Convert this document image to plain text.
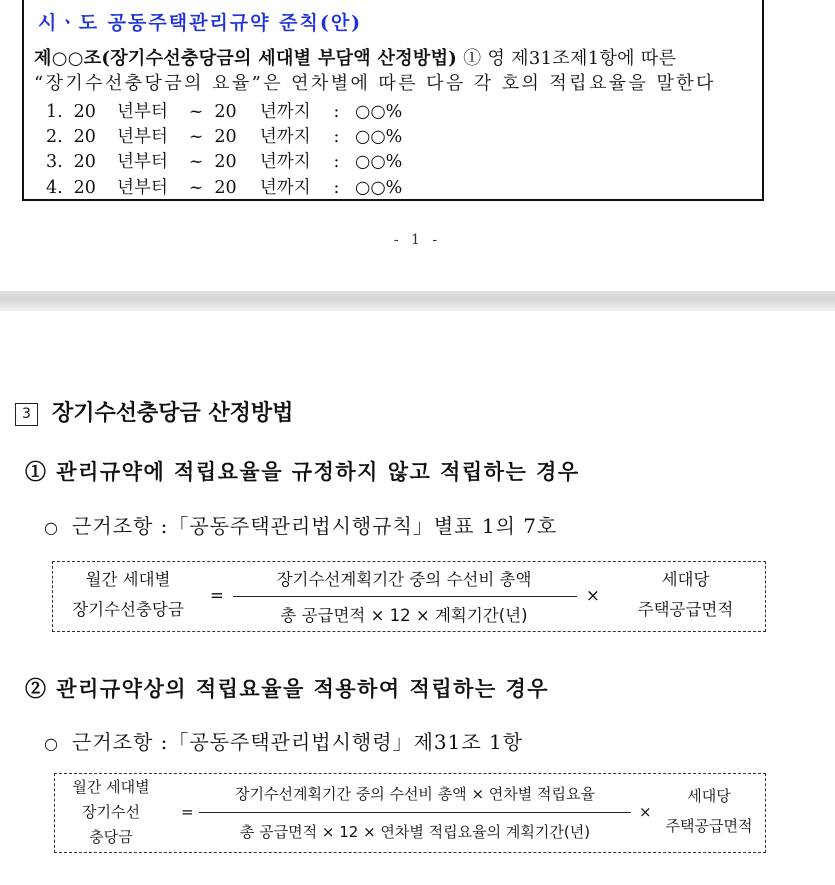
시ㆍ도 공동주택관리규약 준칙(안)
제○○조(장기수선충당금의 세대별 부담액 산정방법) ① 영 제31조제1항에 따른
“장기수선충당금의 요율”은 연차별에 따른 다음 각 호의 적립요율을 말한다
1. 20 년부터 ~ 20 년까지 : ○○%
2. 20 년부터 ~ 20 년까지 : ○○%
3. 20 년부터 ~ 20 년까지 : ○○%
4. 20 년부터 ~ 20 년까지 : ○○%
- 1 -
3 장기수선충당금 산정방법
① 관리규약에 적립요율을 규정하지 않고 적립하는 경우
○ 근거조항 :「공동주택관리법시행규칙」별표 1의 7호
월간 세대별
장기수선충당금
=
장기수선계획기간 중의 수선비 총액
총 공급면적 × 12 × 계획기간(년)
×
세대당
주택공급면적
② 관리규약상의 적립요율을 적용하여 적립하는 경우
○ 근거조항 :「공동주택관리법시행령」제31조 1항
월간 세대별
장기수선
충당금
=
장기수선계획기간 중의 수선비 총액 × 연차별 적립요율
총 공급면적 × 12 × 연차별 적립요율의 계획기간(년)
×
세대당
주택공급면적
